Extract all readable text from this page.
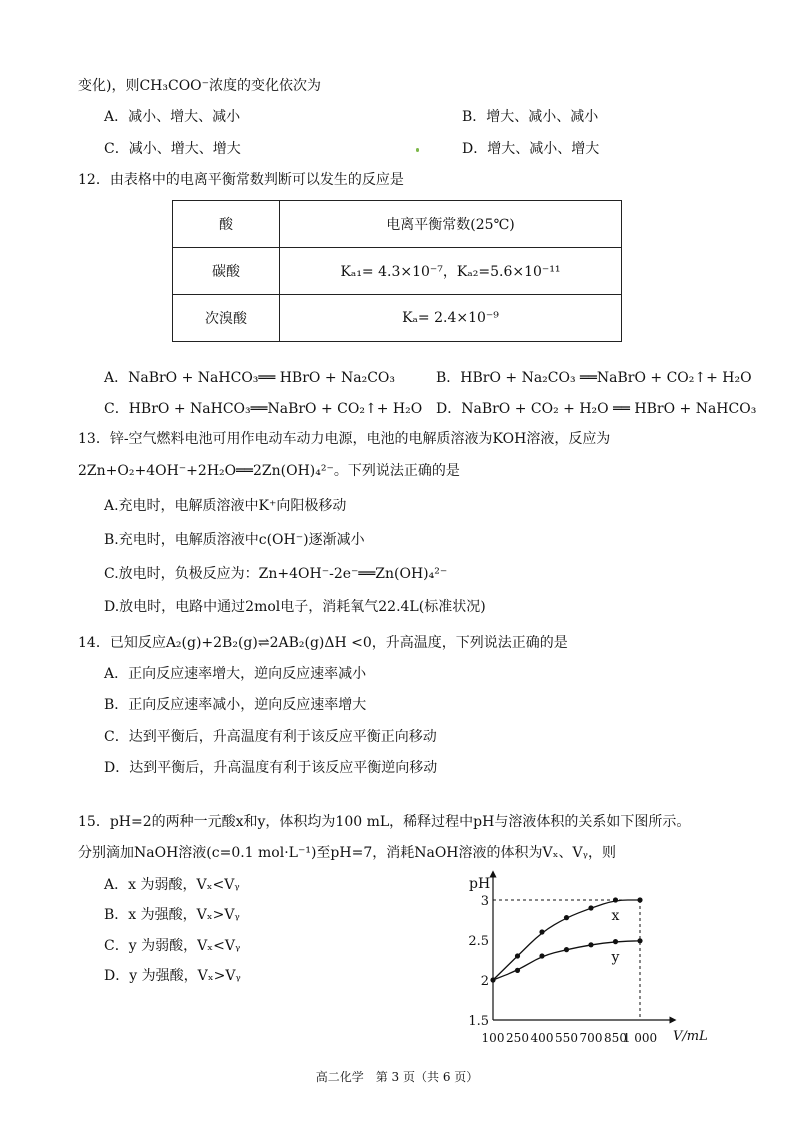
变化)，则CH₃COO⁻浓度的变化依次为
A．减小、增大、减小	B．增大、减小、减小
C．减小、增大、增大	D．增大、减小、增大
12．由表格中的电离平衡常数判断可以发生的反应是
酸	电离平衡常数(25℃)
碳酸	Kₐ₁= 4.3×10⁻⁷，Kₐ₂=5.6×10⁻¹¹
次溴酸	Kₐ= 2.4×10⁻⁹
A．NaBrO + NaHCO₃══ HBrO + Na₂CO₃	B．HBrO + Na₂CO₃ ══NaBrO + CO₂↑+ H₂O
C．HBrO + NaHCO₃══NaBrO + CO₂↑+ H₂O D．NaBrO + CO₂ + H₂O ══ HBrO + NaHCO₃
13．锌-空气燃料电池可用作电动车动力电源，电池的电解质溶液为KOH溶液，反应为
2Zn+O₂+4OH⁻+2H₂O══2Zn(OH)₄²⁻。下列说法正确的是
A.充电时，电解质溶液中K⁺向阳极移动
B.充电时，电解质溶液中c(OH⁻)逐渐减小
C.放电时，负极反应为：Zn+4OH⁻-2e⁻══Zn(OH)₄²⁻
D.放电时，电路中通过2mol电子，消耗氧气22.4L(标准状况)
14．已知反应A₂(g)+2B₂(g)⇌2AB₂(g)ΔH <0，升高温度，下列说法正确的是
A．正向反应速率增大，逆向反应速率减小
B．正向反应速率减小，逆向反应速率增大
C．达到平衡后，升高温度有利于该反应平衡正向移动
D．达到平衡后，升高温度有利于该反应平衡逆向移动
15．pH=2的两种一元酸x和y，体积均为100 mL，稀释过程中pH与溶液体积的关系如下图所示。
分别滴加NaOH溶液(c=0.1 mol·L⁻¹)至pH=7，消耗NaOH溶液的体积为Vₓ、Vᵧ，则
A．x 为弱酸，Vₓ<Vᵧ
B．x 为强酸，Vₓ>Vᵧ
C．y 为弱酸，Vₓ<Vᵧ
D．y 为强酸，Vₓ>Vᵧ
pH
V/mL
1.5
2
2.5
3
100 250 400 550 700 850
1 000
x
y
高二化学　第 3 页（共 6 页）
